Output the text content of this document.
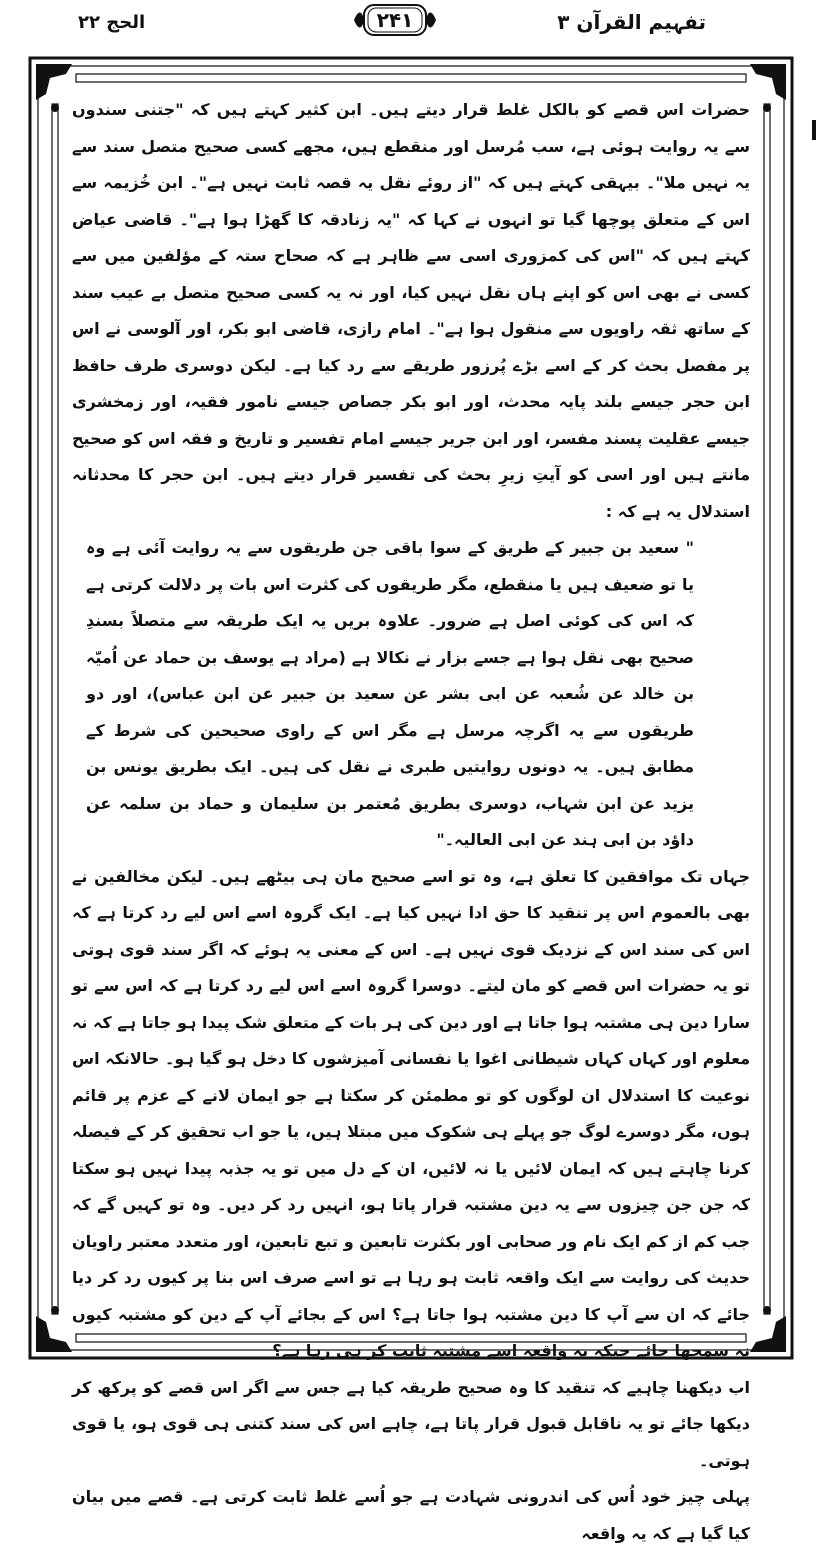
الحج ۲۲	۲۴۱	تفہیم القرآن ۳

حضرات اس قصے کو بالکل غلط قرار دیتے ہیں۔ ابن کثیر کہتے ہیں کہ "جتنی سندوں سے یہ روایت ہوئی ہے، سب مُرسل اور منقطع ہیں، مجھے کسی صحیح متصل سند سے یہ نہیں ملا"۔ بیہقی کہتے ہیں کہ "از روئے نقل یہ قصہ ثابت نہیں ہے"۔ ابن خُزیمہ سے اس کے متعلق پوچھا گیا تو انہوں نے کہا کہ "یہ زنادقہ کا گھڑا ہوا ہے"۔ قاضی عیاض کہتے ہیں کہ "اس کی کمزوری اسی سے ظاہر ہے کہ صحاح ستہ کے مؤلفین میں سے کسی نے بھی اس کو اپنے ہاں نقل نہیں کیا، اور نہ یہ کسی صحیح متصل بے عیب سند کے ساتھ ثقہ راویوں سے منقول ہوا ہے"۔ امام رازی، قاضی ابو بکر، اور آلوسی نے اس پر مفصل بحث کر کے اسے بڑے پُرزور طریقے سے رد کیا ہے۔ لیکن دوسری طرف حافظ ابن حجر جیسے بلند پایہ محدث، اور ابو بکر جصاص جیسے نامور فقیہ، اور زمخشری جیسے عقلیت پسند مفسر، اور ابن جریر جیسے امام تفسیر و تاریخ و فقہ اس کو صحیح مانتے ہیں اور اسی کو آیتِ زیرِ بحث کی تفسیر قرار دیتے ہیں۔ ابن حجر کا محدثانہ استدلال یہ ہے کہ :

" سعید بن جبیر کے طریق کے سوا باقی جن طریقوں سے یہ روایت آئی ہے وہ یا تو ضعیف ہیں یا منقطع، مگر طریقوں کی کثرت اس بات پر دلالت کرتی ہے کہ اس کی کوئی اصل ہے ضرور۔ علاوہ بریں یہ ایک طریقہ سے متصلاً بسندِ صحیح بھی نقل ہوا ہے جسے بزار نے نکالا ہے (مراد ہے یوسف بن حماد عن اُمیّہ بن خالد عن شُعبہ عن ابی بشر عن سعید بن جبیر عن ابن عباس)، اور دو طریقوں سے یہ اگرچہ مرسل ہے مگر اس کے راوی صحیحین کی شرط کے مطابق ہیں۔ یہ دونوں روایتیں طبری نے نقل کی ہیں۔ ایک بطریق یونس بن یزید عن ابن شہاب، دوسری بطریق مُعتمر بن سلیمان و حماد بن سلمہ عن داؤد بن ابی ہند عن ابی العالیہ۔"

جہاں تک موافقین کا تعلق ہے، وہ تو اسے صحیح مان ہی بیٹھے ہیں۔ لیکن مخالفین نے بھی بالعموم اس پر تنقید کا حق ادا نہیں کیا ہے۔ ایک گروہ اسے اس لیے رد کرتا ہے کہ اس کی سند اس کے نزدیک قوی نہیں ہے۔ اس کے معنی یہ ہوئے کہ اگر سند قوی ہوتی تو یہ حضرات اس قصے کو مان لیتے۔ دوسرا گروہ اسے اس لیے رد کرتا ہے کہ اس سے تو سارا دین ہی مشتبہ ہوا جاتا ہے اور دین کی ہر بات کے متعلق شک پیدا ہو جاتا ہے کہ نہ معلوم اور کہاں کہاں شیطانی اغوا یا نفسانی آمیزشوں کا دخل ہو گیا ہو۔ حالانکہ اس نوعیت کا استدلال ان لوگوں کو تو مطمئن کر سکتا ہے جو ایمان لانے کے عزم پر قائم ہوں، مگر دوسرے لوگ جو پہلے ہی شکوک میں مبتلا ہیں، یا جو اب تحقیق کر کے فیصلہ کرنا چاہتے ہیں کہ ایمان لائیں یا نہ لائیں، ان کے دل میں تو یہ جذبہ پیدا نہیں ہو سکتا کہ جن جن چیزوں سے یہ دین مشتبہ قرار پاتا ہو، انہیں رد کر دیں۔ وہ تو کہیں گے کہ جب کم از کم ایک نام ور صحابی اور بکثرت تابعین و تبع تابعین، اور متعدد معتبر راویان حدیث کی روایت سے ایک واقعہ ثابت ہو رہا ہے تو اسے صرف اس بنا پر کیوں رد کر دیا جائے کہ ان سے آپ کا دین مشتبہ ہوا جاتا ہے؟ اس کے بجائے آپ کے دین کو مشتبہ کیوں نہ سمجھا جائے جبکہ یہ واقعہ اسے مشتبہ ثابت کر ہی رہا ہے؟

اب دیکھنا چاہیے کہ تنقید کا وہ صحیح طریقہ کیا ہے جس سے اگر اس قصے کو پرکھ کر دیکھا جائے تو یہ ناقابل قبول قرار پاتا ہے، چاہے اس کی سند کتنی ہی قوی ہو، یا قوی ہوتی۔

پہلی چیز خود اُس کی اندرونی شہادت ہے جو اُسے غلط ثابت کرتی ہے۔ قصے میں بیان کیا گیا ہے کہ یہ واقعہ
